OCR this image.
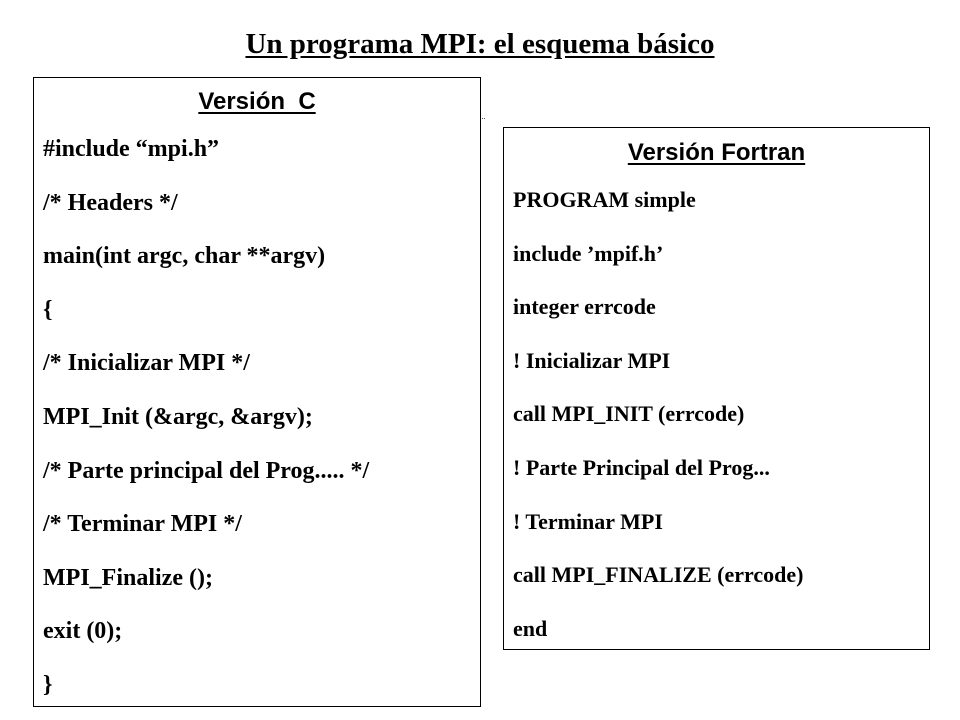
Un programa MPI: el esquema básico
Versión  C
#include “mpi.h”
/* Headers */
main(int argc, char **argv)
{
/* Inicializar MPI */
MPI_Init (&argc, &argv);
/* Parte principal del Prog..... */
/* Terminar MPI */
MPI_Finalize ();
exit (0);
}
Versión Fortran
PROGRAM simple
include ’mpif.h’
integer errcode
! Inicializar MPI
call MPI_INIT (errcode)
! Parte Principal del Prog...
! Terminar MPI
call MPI_FINALIZE (errcode)
end
